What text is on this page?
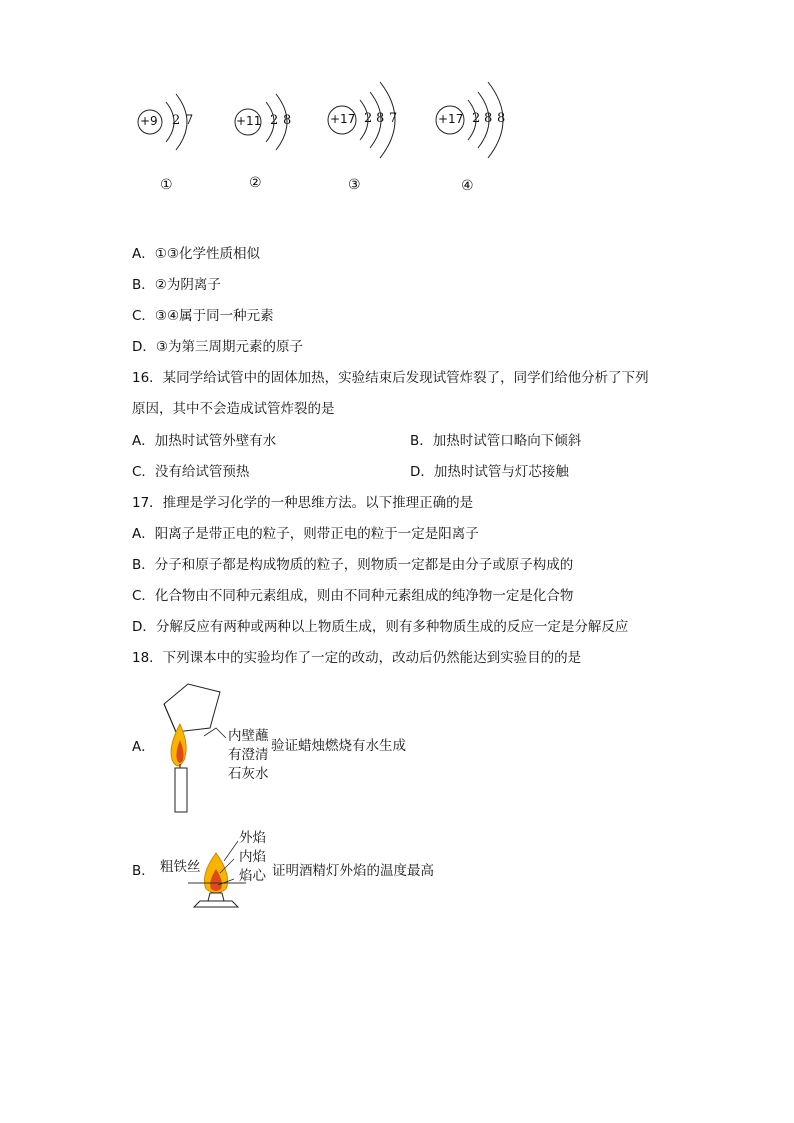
+9 2 7	+11 2 8	+17 2 8 7	+17 2 8 8
①	②	③	④
A．①③化学性质相似
B．②为阴离子
C．③④属于同一种元素
D．③为第三周期元素的原子
16．某同学给试管中的固体加热，实验结束后发现试管炸裂了，同学们给他分析了下列
原因，其中不会造成试管炸裂的是
A．加热时试管外壁有水	B．加热时试管口略向下倾斜
C．没有给试管预热	D．加热时试管与灯芯接触
17．推理是学习化学的一种思维方法。以下推理正确的是
A．阳离子是带正电的粒子，则带正电的粒于一定是阳离子
B．分子和原子都是构成物质的粒子，则物质一定都是由分子或原子构成的
C．化合物由不同种元素组成，则由不同种元素组成的纯净物一定是化合物
D．分解反应有两种或两种以上物质生成，则有多种物质生成的反应一定是分解反应
18．下列课本中的实验均作了一定的改动，改动后仍然能达到实验目的的是
A．
内壁蘸
有澄清
石灰水
验证蜡烛燃烧有水生成
B． 粗铁丝
外焰
内焰
焰心 证明酒精灯外焰的温度最高
